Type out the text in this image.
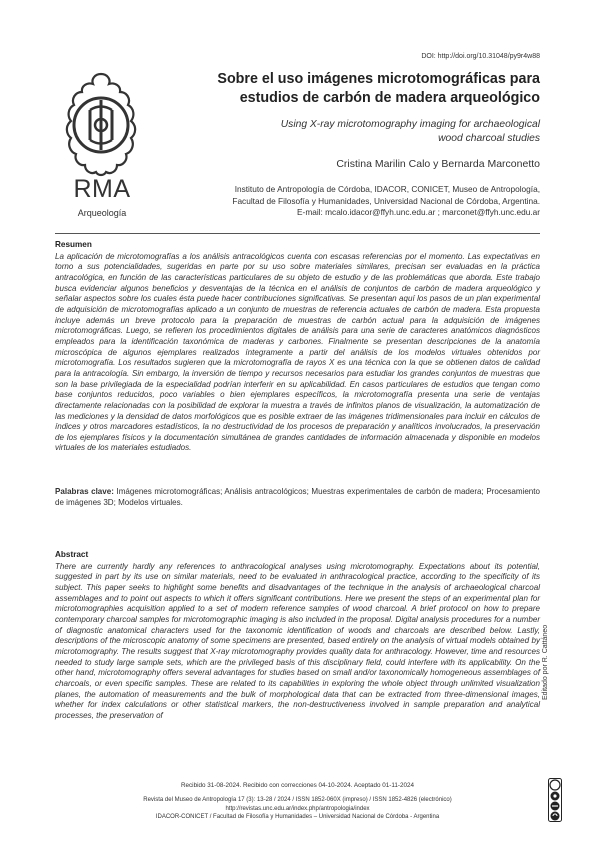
DOI: http://doi.org/10.31048/py9r4w88
RMA
Arqueología
Sobre el uso imágenes microtomográficas para
estudios de carbón de madera arqueológico
Using X-ray microtomography imaging for archaeological
wood charcoal studies
Cristina Marilin Calo y Bernarda Marconetto
Instituto de Antropología de Córdoba, IDACOR, CONICET, Museo de Antropología,
Facultad de Filosofía y Humanidades, Universidad Nacional de Córdoba, Argentina.
E-mail: mcalo.idacor@ffyh.unc.edu.ar ; marconet@ffyh.unc.edu.ar
Resumen
La aplicación de microtomografías a los análisis antracológicos cuenta con escasas referencias por el momento. Las expectativas en torno a sus potencialidades, sugeridas en parte por su uso sobre materiales similares, precisan ser evaluadas en la práctica antracológica, en función de las características particulares de su objeto de estudio y de las problemáticas que aborda. Este trabajo busca evidenciar algunos beneficios y desventajas de la técnica en el análisis de conjuntos de carbón de madera arqueológico y señalar aspectos sobre los cuales ésta puede hacer contribuciones significativas. Se presentan aquí los pasos de un plan experimental de adquisición de microtomografías aplicado a un conjunto de muestras de referencia actuales de carbón de madera. Esta propuesta incluye además un breve protocolo para la preparación de muestras de carbón actual para la adquisición de imágenes microtomográficas. Luego, se refieren los procedimientos digitales de análisis para una serie de caracteres anatómicos diagnósticos empleados para la identificación taxonómica de maderas y carbones. Finalmente se presentan descripciones de la anatomía microscópica de algunos ejemplares realizados íntegramente a partir del análisis de los modelos virtuales obtenidos por microtomografía. Los resultados sugieren que la microtomografía de rayos X es una técnica con la que se obtienen datos de calidad para la antracología. Sin embargo, la inversión de tiempo y recursos necesarios para estudiar los grandes conjuntos de muestras que son la base privilegiada de la especialidad podrían interferir en su aplicabilidad. En casos particulares de estudios que tengan como base conjuntos reducidos, poco variables o bien ejemplares específicos, la microtomografía presenta una serie de ventajas directamente relacionadas con la posibilidad de explorar la muestra a través de infinitos planos de visualización, la automatización de las mediciones y la densidad de datos morfológicos que es posible extraer de las imágenes tridimensionales para incluir en cálculos de índices y otros marcadores estadísticos, la no destructividad de los procesos de preparación y analíticos involucrados, la preservación de los ejemplares físicos y la documentación simultánea de grandes cantidades de información almacenada y disponible en modelos virtuales de los materiales estudiados.
Palabras clave: Imágenes microtomográficas; Análisis antracológicos; Muestras experimentales de carbón de madera; Procesamiento de imágenes 3D; Modelos virtuales.
Abstract
There are currently hardly any references to anthracological analyses using microtomography. Expectations about its potential, suggested in part by its use on similar materials, need to be evaluated in anthracological practice, according to the specificity of its subject. This paper seeks to highlight some benefits and disadvantages of the technique in the analysis of archaeological charcoal assemblages and to point out aspects to which it offers significant contributions. Here we present the steps of an experimental plan for microtomographies acquisition applied to a set of modern reference samples of wood charcoal. A brief protocol on how to prepare contemporary charcoal samples for microtomographic imaging is also included in the proposal. Digital analysis procedures for a number of diagnostic anatomical characters used for the taxonomic identification of woods and charcoals are described below. Lastly, descriptions of the microscopic anatomy of some specimens are presented, based entirely on the analysis of virtual models obtained by microtomography. The results suggest that X-ray microtomography provides quality data for anthracology. However, time and resources needed to study large sample sets, which are the privileged basis of this disciplinary field, could interfere with its applicability. On the other hand, microtomography offers several advantages for studies based on small and/or taxonomically homogeneous assemblages of charcoals, or even specific samples. These are related to its capabilities in exploring the whole object through unlimited visualization planes, the automation of measurements and the bulk of morphological data that can be extracted from three-dimensional images, whether for index calculations or other statistical markers, the non-destructiveness involved in sample preparation and analytical processes, the preservation of
Recibido 31-08-2024. Recibido con correcciones 04-10-2024. Aceptado 01-11-2024
Revista del Museo de Antropología 17 (3): 13-28 / 2024 / ISSN 1852-060X (impreso) / ISSN 1852-4826 (electrónico)
http://revistas.unc.edu.ar/index.php/antropologia/index
IDACOR-CONICET / Facultad de Filosofía y Humanidades – Universidad Nacional de Córdoba - Argentina
Editado por R. Cattáneo
